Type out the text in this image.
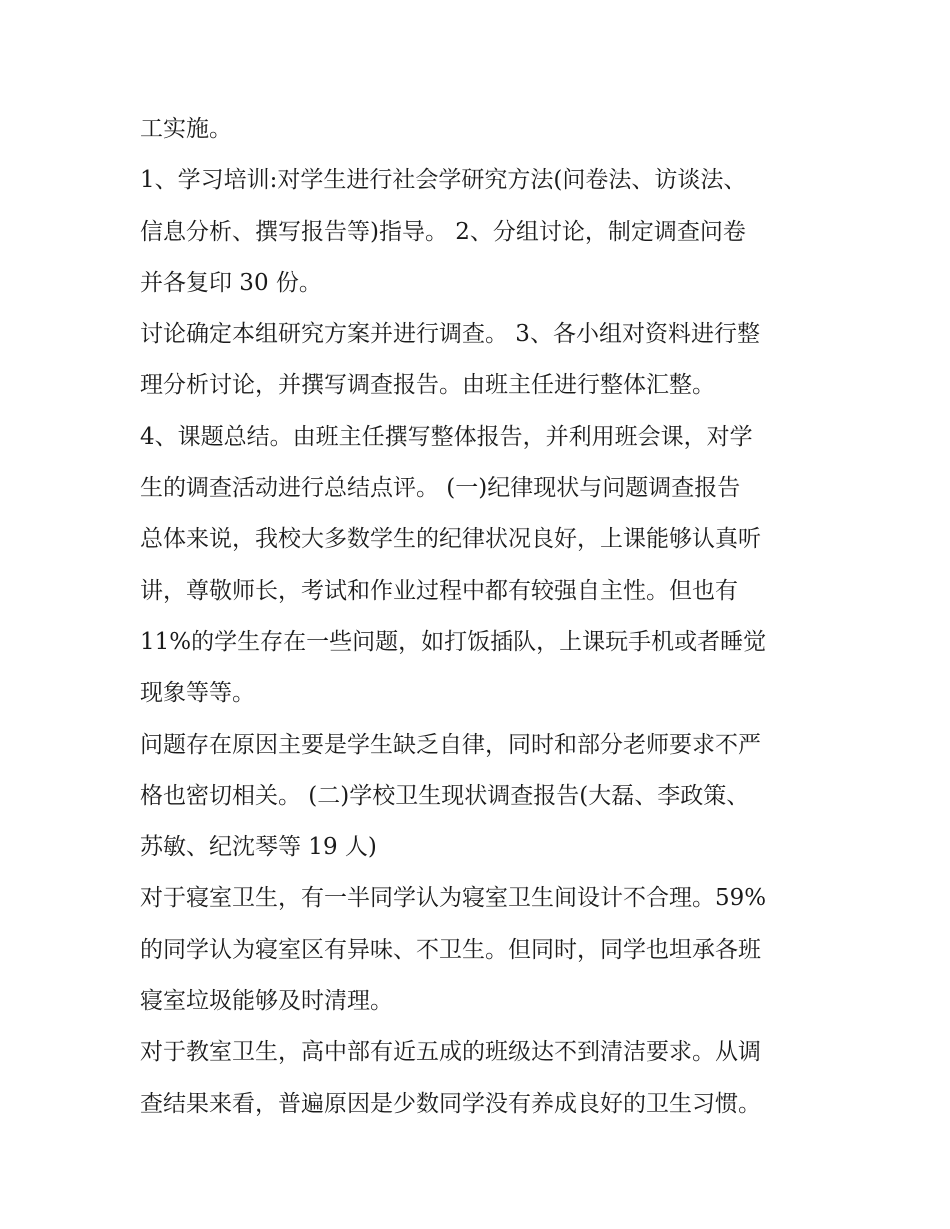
工实施。
1、学习培训:对学生进行社会学研究方法(问卷法、访谈法、
信息分析、撰写报告等)指导。 2、分组讨论，制定调查问卷
并各复印 30 份。
讨论确定本组研究方案并进行调查。 3、各小组对资料进行整
理分析讨论，并撰写调查报告。由班主任进行整体汇整。
4、课题总结。由班主任撰写整体报告，并利用班会课，对学
生的调查活动进行总结点评。 (一)纪律现状与问题调查报告
总体来说，我校大多数学生的纪律状况良好，上课能够认真听
讲，尊敬师长，考试和作业过程中都有较强自主性。但也有
11%的学生存在一些问题，如打饭插队，上课玩手机或者睡觉
现象等等。
问题存在原因主要是学生缺乏自律，同时和部分老师要求不严
格也密切相关。 (二)学校卫生现状调查报告(大磊、李政策、
苏敏、纪沈琴等 19 人)
对于寝室卫生，有一半同学认为寝室卫生间设计不合理。59%
的同学认为寝室区有异味、不卫生。但同时，同学也坦承各班
寝室垃圾能够及时清理。
对于教室卫生，高中部有近五成的班级达不到清洁要求。从调
查结果来看，普遍原因是少数同学没有养成良好的卫生习惯。
